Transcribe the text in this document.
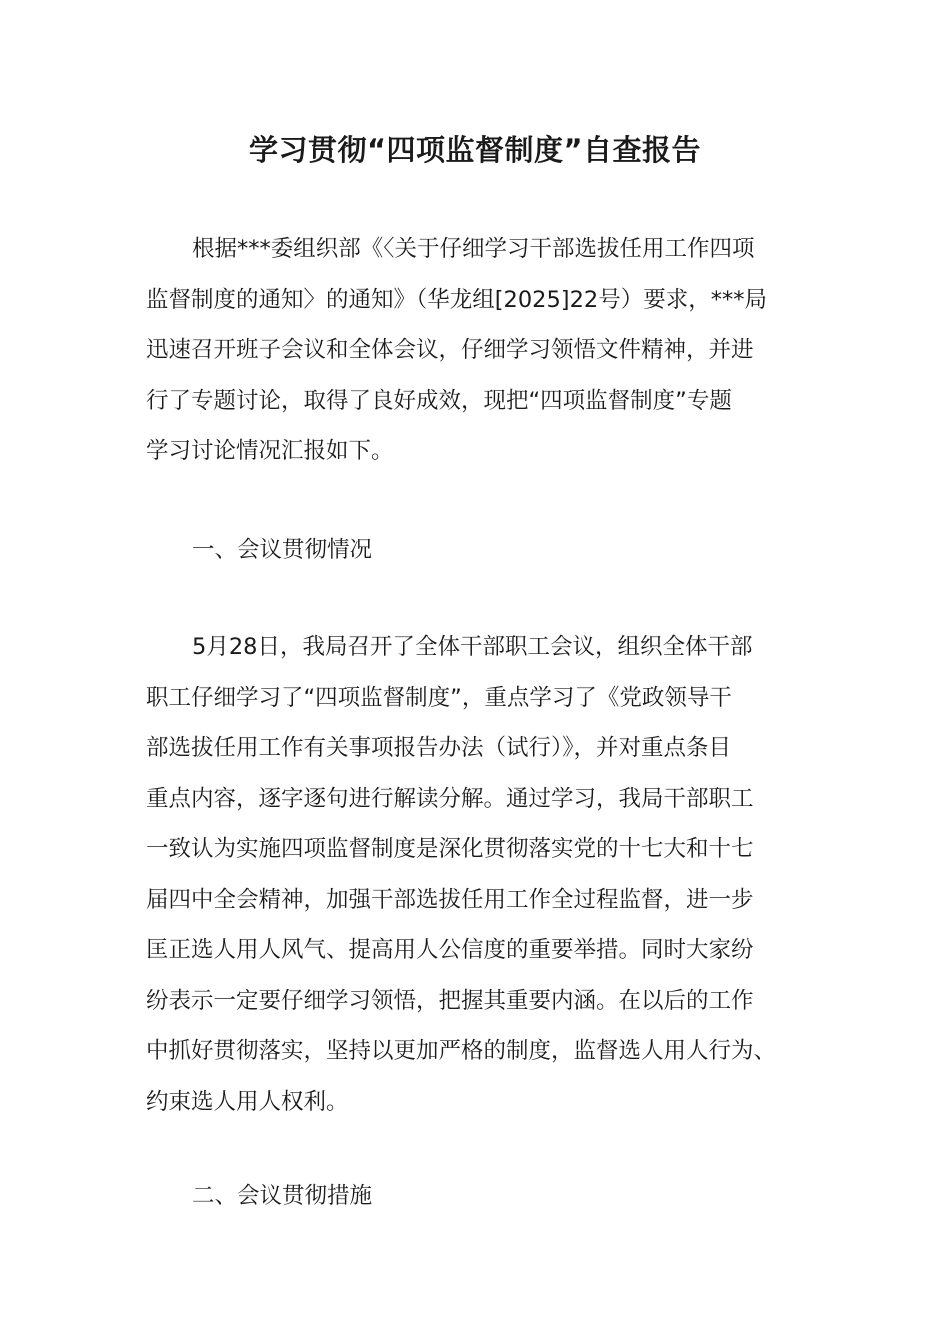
学习贯彻“四项监督制度”自查报告
根据***委组织部《〈关于仔细学习干部选拔任用工作四项
监督制度的通知〉的通知》（华龙组[2025]22号）要求，***局
迅速召开班子会议和全体会议，仔细学习领悟文件精神，并进
行了专题讨论，取得了良好成效，现把“四项监督制度”专题
学习讨论情况汇报如下。
一、会议贯彻情况
5月28日，我局召开了全体干部职工会议，组织全体干部
职工仔细学习了“四项监督制度”，重点学习了《党政领导干
部选拔任用工作有关事项报告办法（试行）》，并对重点条目
重点内容，逐字逐句进行解读分解。通过学习，我局干部职工
一致认为实施四项监督制度是深化贯彻落实党的十七大和十七
届四中全会精神，加强干部选拔任用工作全过程监督，进一步
匡正选人用人风气、提高用人公信度的重要举措。同时大家纷
纷表示一定要仔细学习领悟，把握其重要内涵。在以后的工作
中抓好贯彻落实，坚持以更加严格的制度，监督选人用人行为、
约束选人用人权利。
二、会议贯彻措施
